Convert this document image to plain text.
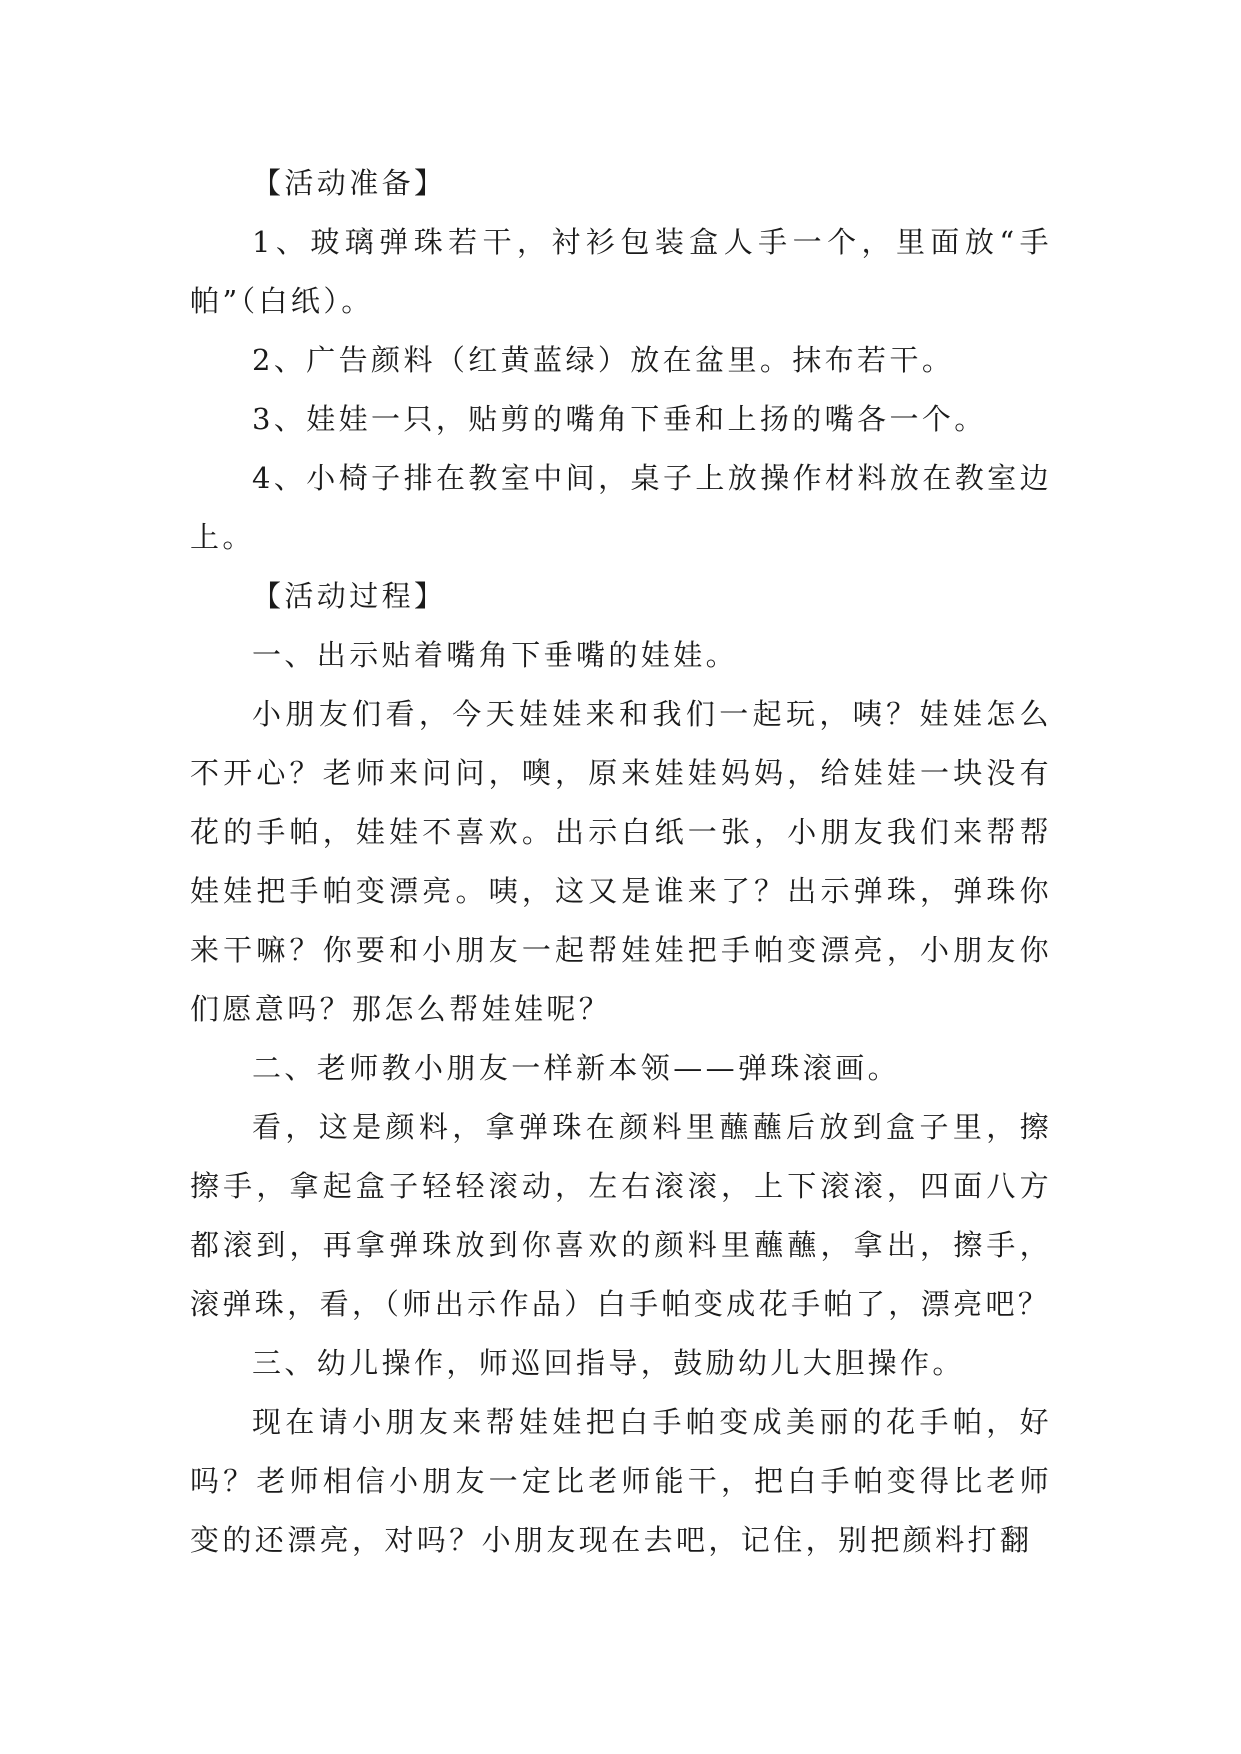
【活动准备】

1、玻璃弹珠若干，衬衫包装盒人手一个，里面放“手帕”（白纸）。

2、广告颜料（红黄蓝绿）放在盆里。抹布若干。

3、娃娃一只，贴剪的嘴角下垂和上扬的嘴各一个。

4、小椅子排在教室中间，桌子上放操作材料放在教室边上。

【活动过程】

一、出示贴着嘴角下垂嘴的娃娃。

小朋友们看，今天娃娃来和我们一起玩，咦？娃娃怎么不开心？老师来问问，噢，原来娃娃妈妈，给娃娃一块没有花的手帕，娃娃不喜欢。出示白纸一张，小朋友我们来帮帮娃娃把手帕变漂亮。咦，这又是谁来了？出示弹珠，弹珠你来干嘛？你要和小朋友一起帮娃娃把手帕变漂亮，小朋友你们愿意吗？那怎么帮娃娃呢？

二、老师教小朋友一样新本领——弹珠滚画。

看，这是颜料，拿弹珠在颜料里蘸蘸后放到盒子里，擦擦手，拿起盒子轻轻滚动，左右滚滚，上下滚滚，四面八方都滚到，再拿弹珠放到你喜欢的颜料里蘸蘸，拿出，擦手，滚弹珠，看，（师出示作品）白手帕变成花手帕了，漂亮吧？

三、幼儿操作，师巡回指导，鼓励幼儿大胆操作。

现在请小朋友来帮娃娃把白手帕变成美丽的花手帕，好吗？老师相信小朋友一定比老师能干，把白手帕变得比老师变的还漂亮，对吗？小朋友现在去吧，记住，别把颜料打翻
